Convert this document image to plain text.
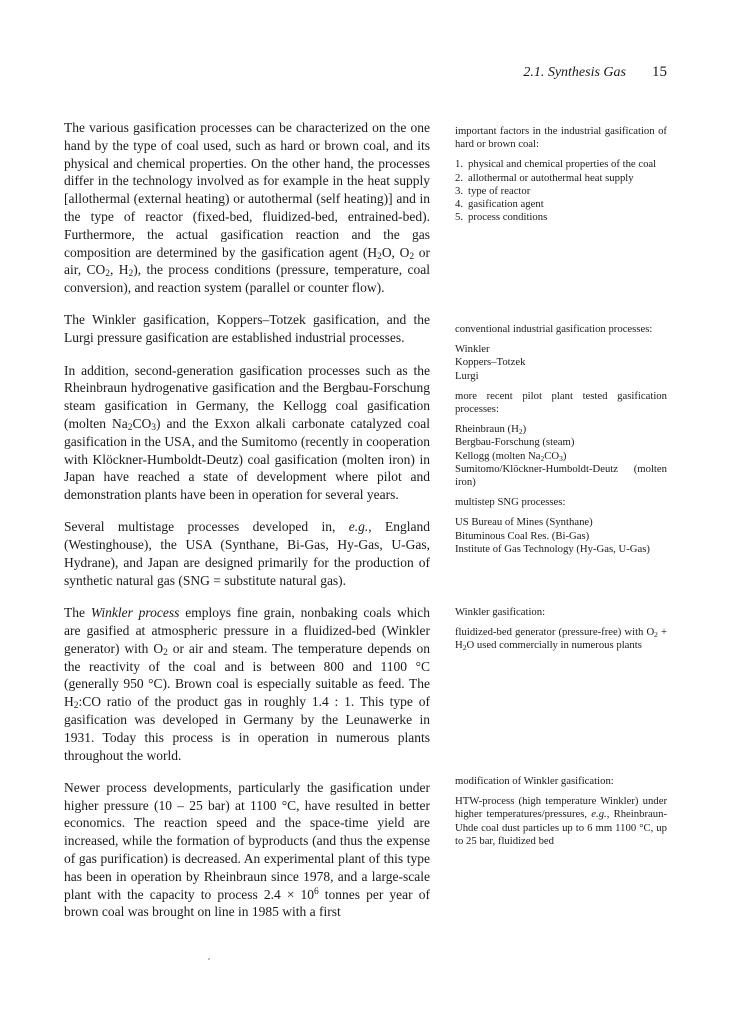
2.1. Synthesis Gas 15

The various gasification processes can be characterized on the one hand by the type of coal used, such as hard or brown coal, and its physical and chemical properties. On the other hand, the processes differ in the technology involved as for example in the heat supply [allothermal (external heating) or autothermal (self heating)] and in the type of reactor (fixed-bed, fluidized-bed, entrained-bed). Furthermore, the actual gasification reaction and the gas composition are determined by the gasification agent ($H_2O$, $O_2$ or air, $CO_2$, $H_2$), the process conditions (pressure, temperature, coal conversion), and reaction system (parallel or counter flow).

The Winkler gasification, Koppers–Totzek gasification, and the Lurgi pressure gasification are established industrial processes.

In addition, second-generation gasification processes such as the Rheinbraun hydrogenative gasification and the Bergbau-Forschung steam gasification in Germany, the Kellogg coal gasification (molten $Na_2CO_3$) and the Exxon alkali carbonate catalyzed coal gasification in the USA, and the Sumitomo (recently in cooperation with Klöckner-Humboldt-Deutz) coal gasification (molten iron) in Japan have reached a state of development where pilot and demonstration plants have been in operation for several years.

Several multistage processes developed in, e.g., England (Westinghouse), the USA (Synthane, Bi-Gas, Hy-Gas, U-Gas, Hydrane), and Japan are designed primarily for the production of synthetic natural gas (SNG = substitute natural gas).

The Winkler process employs fine grain, nonbaking coals which are gasified at atmospheric pressure in a fluidized-bed (Winkler generator) with $O_2$ or air and steam. The temperature depends on the reactivity of the coal and is between 800 and 1100 °C (generally 950 °C). Brown coal is especially suitable as feed. The $H_2:CO$ ratio of the product gas in roughly 1.4 : 1. This type of gasification was developed in Germany by the Leunawerke in 1931. Today this process is in operation in numerous plants throughout the world.

Newer process developments, particularly the gasification under higher pressure (10 – 25 bar) at 1100 °C, have resulted in better economics. The reaction speed and the space-time yield are increased, while the formation of byproducts (and thus the expense of gas purification) is decreased. An experimental plant of this type has been in operation by Rheinbraun since 1978, and a large-scale plant with the capacity to process $2.4 \times 10^6$ tonnes per year of brown coal was brought on line in 1985 with a first

important factors in the industrial gasification of hard or brown coal:

1. physical and chemical properties of the coal
2. allothermal or autothermal heat supply
3. type of reactor
4. gasification agent
5. process conditions

conventional industrial gasification processes:

Winkler
Koppers–Totzek
Lurgi

more recent pilot plant tested gasification processes:

Rheinbraun $(H_2)$
Bergbau-Forschung (steam)
Kellogg (molten $Na_2CO_3$)
Sumitomo/Klöckner-Humboldt-Deutz (molten iron)

multistep SNG processes:

US Bureau of Mines (Synthane)
Bituminous Coal Res. (Bi-Gas)
Institute of Gas Technology (Hy-Gas, U-Gas)

Winkler gasification:

fluidized-bed generator (pressure-free) with $O_2 + H_2O$ used commercially in numerous plants

modification of Winkler gasification:

HTW-process (high temperature Winkler) under higher temperatures/pressures, e.g., Rheinbraun-Uhde coal dust particles up to 6 mm 1100 °C, up to 25 bar, fluidized bed
